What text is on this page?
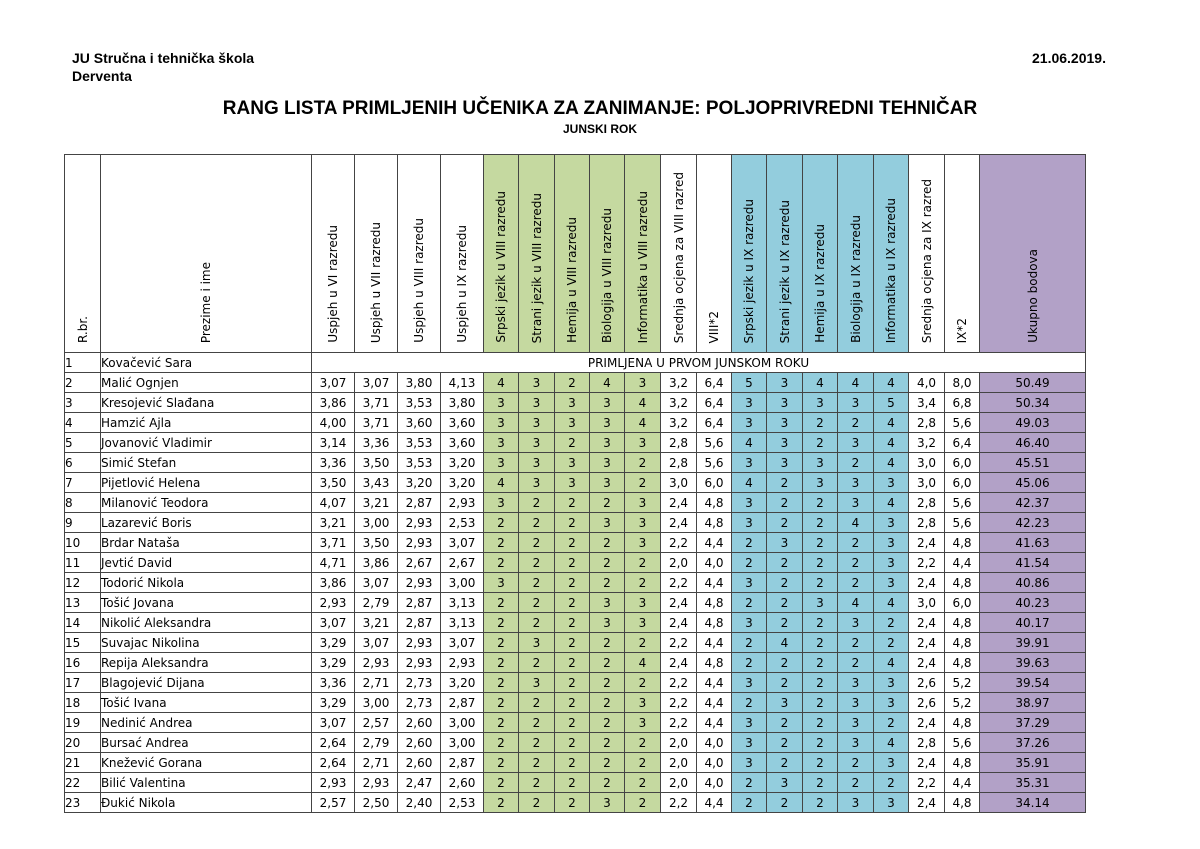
JU Stručna i tehnička škola
Derventa
21.06.2019.
RANG LISTA PRIMLJENIH UČENIKA ZA ZANIMANJE: POLJOPRIVREDNI TEHNIČAR
JUNSKI ROK
R.br.	Prezime i ime	Uspjeh u VI razredu	Uspjeh u VII razredu	Uspjeh u VIII razredu	Uspjeh u IX razredu	Srpski jezik u VIII razredu	Strani jezik u VIII razredu	Hemija u VIII razredu	Biologija u VIII razredu	Informatika u VIII razredu	Srednja ocjena za VIII razred	VIII*2	Srpski jezik u IX razredu	Strani jezik u IX razredu	Hemija u IX razredu	Biologija u IX razredu	Informatika u IX razredu	Srednja ocjena za IX razred	IX*2	Ukupno bodova
1	Kovačević Sara	PRIMLJENA U PRVOM JUNSKOM ROKU																		
2	Malić Ognjen	3,07	3,07	3,80	4,13	4	3	2	4	3	3,2	6,4	5	3	4	4	4	4,0	8,0	50.49
3	Kresojević Slađana	3,86	3,71	3,53	3,80	3	3	3	3	4	3,2	6,4	3	3	3	3	5	3,4	6,8	50.34
4	Hamzić Ajla	4,00	3,71	3,60	3,60	3	3	3	3	4	3,2	6,4	3	3	2	2	4	2,8	5,6	49.03
5	Jovanović Vladimir	3,14	3,36	3,53	3,60	3	3	2	3	3	2,8	5,6	4	3	2	3	4	3,2	6,4	46.40
6	Simić Stefan	3,36	3,50	3,53	3,20	3	3	3	3	2	2,8	5,6	3	3	3	2	4	3,0	6,0	45.51
7	Pijetlović Helena	3,50	3,43	3,20	3,20	4	3	3	3	2	3,0	6,0	4	2	3	3	3	3,0	6,0	45.06
8	Milanović Teodora	4,07	3,21	2,87	2,93	3	2	2	2	3	2,4	4,8	3	2	2	3	4	2,8	5,6	42.37
9	Lazarević Boris	3,21	3,00	2,93	2,53	2	2	2	3	3	2,4	4,8	3	2	2	4	3	2,8	5,6	42.23
10	Brdar Nataša	3,71	3,50	2,93	3,07	2	2	2	2	3	2,2	4,4	2	3	2	2	3	2,4	4,8	41.63
11	Jevtić David	4,71	3,86	2,67	2,67	2	2	2	2	2	2,0	4,0	2	2	2	2	3	2,2	4,4	41.54
12	Todorić Nikola	3,86	3,07	2,93	3,00	3	2	2	2	2	2,2	4,4	3	2	2	2	3	2,4	4,8	40.86
13	Tošić Jovana	2,93	2,79	2,87	3,13	2	2	2	3	3	2,4	4,8	2	2	3	4	4	3,0	6,0	40.23
14	Nikolić Aleksandra	3,07	3,21	2,87	3,13	2	2	2	3	3	2,4	4,8	3	2	2	3	2	2,4	4,8	40.17
15	Suvajac Nikolina	3,29	3,07	2,93	3,07	2	3	2	2	2	2,2	4,4	2	4	2	2	2	2,4	4,8	39.91
16	Repija Aleksandra	3,29	2,93	2,93	2,93	2	2	2	2	4	2,4	4,8	2	2	2	2	4	2,4	4,8	39.63
17	Blagojević Dijana	3,36	2,71	2,73	3,20	2	3	2	2	2	2,2	4,4	3	2	2	3	3	2,6	5,2	39.54
18	Tošić Ivana	3,29	3,00	2,73	2,87	2	2	2	2	3	2,2	4,4	2	3	2	3	3	2,6	5,2	38.97
19	Nedinić Andrea	3,07	2,57	2,60	3,00	2	2	2	2	3	2,2	4,4	3	2	2	3	2	2,4	4,8	37.29
20	Bursać Andrea	2,64	2,79	2,60	3,00	2	2	2	2	2	2,0	4,0	3	2	2	3	4	2,8	5,6	37.26
21	Knežević Gorana	2,64	2,71	2,60	2,87	2	2	2	2	2	2,0	4,0	3	2	2	2	3	2,4	4,8	35.91
22	Bilić Valentina	2,93	2,93	2,47	2,60	2	2	2	2	2	2,0	4,0	2	3	2	2	2	2,2	4,4	35.31
23	Đukić Nikola	2,57	2,50	2,40	2,53	2	2	2	3	2	2,2	4,4	2	2	2	3	3	2,4	4,8	34.14
